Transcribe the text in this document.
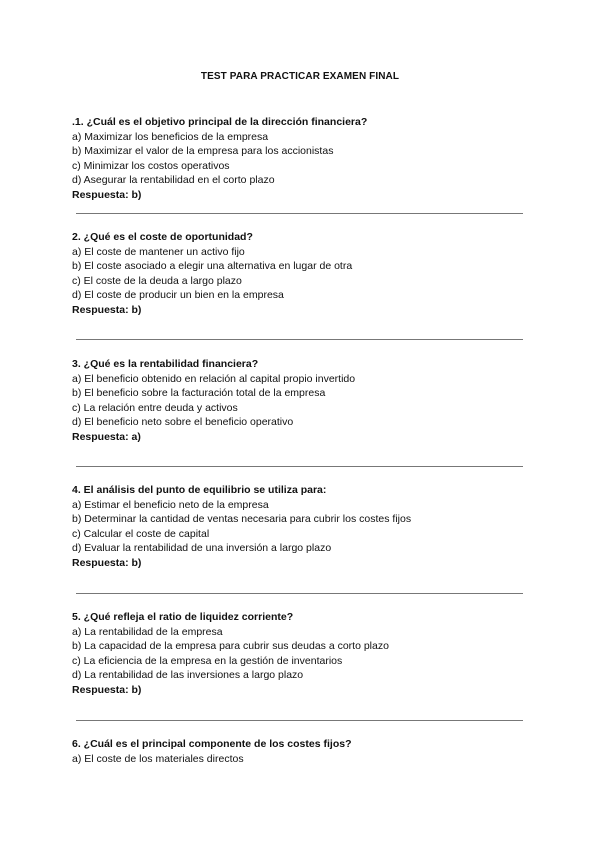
TEST PARA PRACTICAR EXAMEN FINAL
.1. ¿Cuál es el objetivo principal de la dirección financiera?
a) Maximizar los beneficios de la empresa
b) Maximizar el valor de la empresa para los accionistas
c) Minimizar los costos operativos
d) Asegurar la rentabilidad en el corto plazo
Respuesta: b)
2. ¿Qué es el coste de oportunidad?
a) El coste de mantener un activo fijo
b) El coste asociado a elegir una alternativa en lugar de otra
c) El coste de la deuda a largo plazo
d) El coste de producir un bien en la empresa
Respuesta: b)
3. ¿Qué es la rentabilidad financiera?
a) El beneficio obtenido en relación al capital propio invertido
b) El beneficio sobre la facturación total de la empresa
c) La relación entre deuda y activos
d) El beneficio neto sobre el beneficio operativo
Respuesta: a)
4. El análisis del punto de equilibrio se utiliza para:
a) Estimar el beneficio neto de la empresa
b) Determinar la cantidad de ventas necesaria para cubrir los costes fijos
c) Calcular el coste de capital
d) Evaluar la rentabilidad de una inversión a largo plazo
Respuesta: b)
5. ¿Qué refleja el ratio de liquidez corriente?
a) La rentabilidad de la empresa
b) La capacidad de la empresa para cubrir sus deudas a corto plazo
c) La eficiencia de la empresa en la gestión de inventarios
d) La rentabilidad de las inversiones a largo plazo
Respuesta: b)
6. ¿Cuál es el principal componente de los costes fijos?
a) El coste de los materiales directos
